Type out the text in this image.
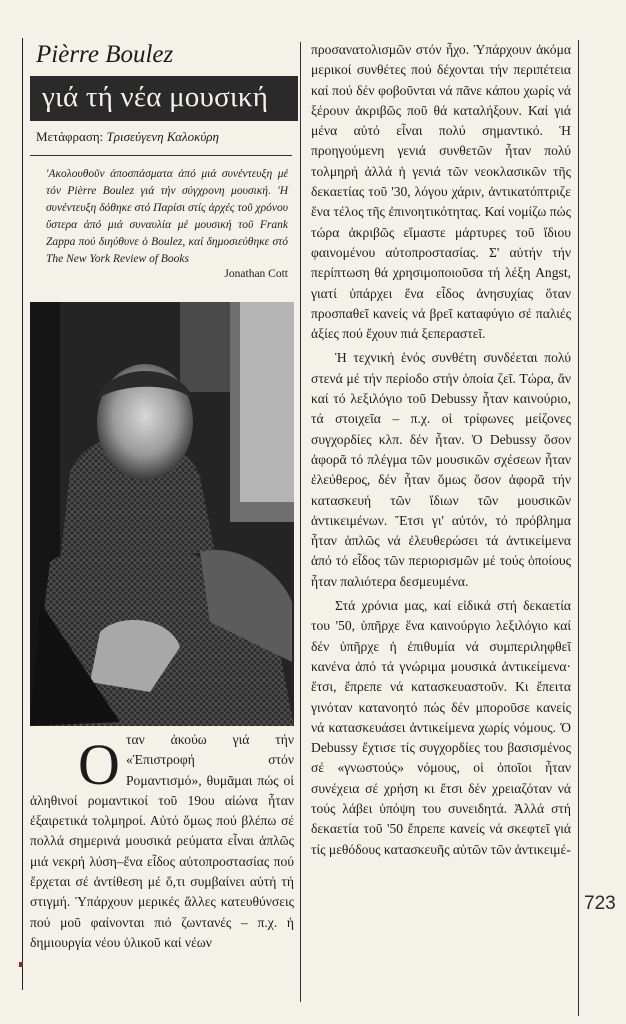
Pièrre Boulez
γιά τή νέα μουσική
Μετάφραση: Τρισεύγενη Καλοκύρη
'Ακολουθοῦν ἀποσπάσματα ἀπό μιά συνέντευξη μέ τόν Pièrre Boulez γιά τήν σύγχρονη μουσική. 'Η συνέντευξη δόθηκε στό Παρίσι στίς ἀρχές τοῦ χρόνου ὕστερα ἀπό μιά συναυλία μέ μουσική τοῦ Frank Zappa πού διηύθυνε ὁ Boulez, καί δημοσιεύθηκε στό The New York Review of Books
Jonathan Cott

Oταν ἀκούω γιά τήν «Ἐπιστροφή στόν Ρομαντισμό», θυμᾶμαι πώς οἱ ἀληθινοί ρομαντικοί τοῦ 19ου αἰώνα ἦταν ἐξαιρετικά τολμηροί. Αὐτό ὅμως πού βλέπω σέ πολλά σημερινά μουσικά ρεύματα εἶναι ἁπλῶς μιά νεκρή λύση–ἕνα εἶδος αὐτοπροστασίας πού ἔρχεται σέ ἀντίθεση μέ ὅ,τι συμβαίνει αὐτή τή στιγμή. Ὑπάρχουν μερικές ἄλλες κατευθύνσεις πού μοῦ φαίνονται πιό ζωντανές – π.χ. ἡ δημιουργία νέου ὑλικοῦ καί νέων

προσανατολισμῶν στόν ἦχο. Ὑπάρχουν ἀκόμα μερικοί συνθέτες πού δέχονται τήν περιπέτεια καί πού δέν φοβοῦνται νά πᾶνε κάπου χωρίς νά ξέρουν ἀκριβῶς ποῦ θά καταλήξουν. Καί γιά μένα αὐτό εἶναι πολύ σημαντικό. Ἡ προηγούμενη γενιά συνθετῶν ἦταν πολύ τολμηρή ἀλλά ἡ γενιά τῶν νεοκλασικῶν τῆς δεκαετίας τοῦ '30, λόγου χάριν, ἀντικατόπτριζε ἕνα τέλος τῆς ἐπινοητικότητας. Καί νομίζω πώς τώρα ἀκριβῶς εἴμαστε μάρτυρες τοῦ ἴδιου φαινομένου αὐτοπροστασίας. Σ' αὐτήν τήν περίπτωση θά χρησιμοποιοῦσα τή λέξη Angst, γιατί ὑπάρχει ἕνα εἶδος ἀνησυχίας ὅταν προσπαθεῖ κανείς νά βρεῖ καταφύγιο σέ παλιές ἀξίες πού ἔχουν πιά ξεπεραστεῖ.

Ἡ τεχνική ἑνός συνθέτη συνδέεται πολύ στενά μέ τήν περίοδο στήν ὁποία ζεῖ. Τώρα, ἄν καί τό λεξιλόγιο τοῦ Debussy ἦταν καινούριο, τά στοιχεῖα – π.χ. οἱ τρίφωνες μείζονες συγχορδίες κλπ. δέν ἦταν. Ὁ Debussy ὅσον ἀφορᾶ τό πλέγμα τῶν μουσικῶν σχέσεων ἦταν ἐλεύθερος, δέν ἦταν ὅμως ὅσον ἀφορᾶ τήν κατασκευή τῶν ἴδιων τῶν μουσικῶν ἀντικειμένων. Ἔτσι γι' αὐτόν, τό πρόβλημα ἦταν ἁπλῶς νά ἐλευθερώσει τά ἀντικείμενα ἀπό τό εἶδος τῶν περιορισμῶν μέ τούς ὁποίους ἦταν παλιότερα δεσμευμένα.

Στά χρόνια μας, καί εἰδικά στή δεκαετία του '50, ὑπῆρχε ἕνα καινούργιο λεξιλόγιο καί δέν ὑπῆρχε ἡ ἐπιθυμία νά συμπεριληφθεῖ κανένα ἀπό τά γνώριμα μουσικά ἀντικείμενα· ἔτσι, ἔπρεπε νά κατασκευαστοῦν. Κι ἔπειτα γινόταν κατανοητό πώς δέν μποροῦσε κανείς νά κατασκευάσει ἀντικείμενα χωρίς νόμους. Ὁ Debussy ἔχτισε τίς συγχορδίες του βασισμένος σέ «γνωστούς» νόμους, οἱ ὁποῖοι ἦταν συνέχεια σέ χρήση κι ἔτσι δέν χρειαζόταν νά τούς λάβει ὑπόψη του συνειδητά. Ἀλλά στή δεκαετία τοῦ '50 ἔπρεπε κανείς νά σκεφτεῖ γιά τίς μεθόδους κατασκευῆς αὐτῶν τῶν ἀντικειμέ-

723
